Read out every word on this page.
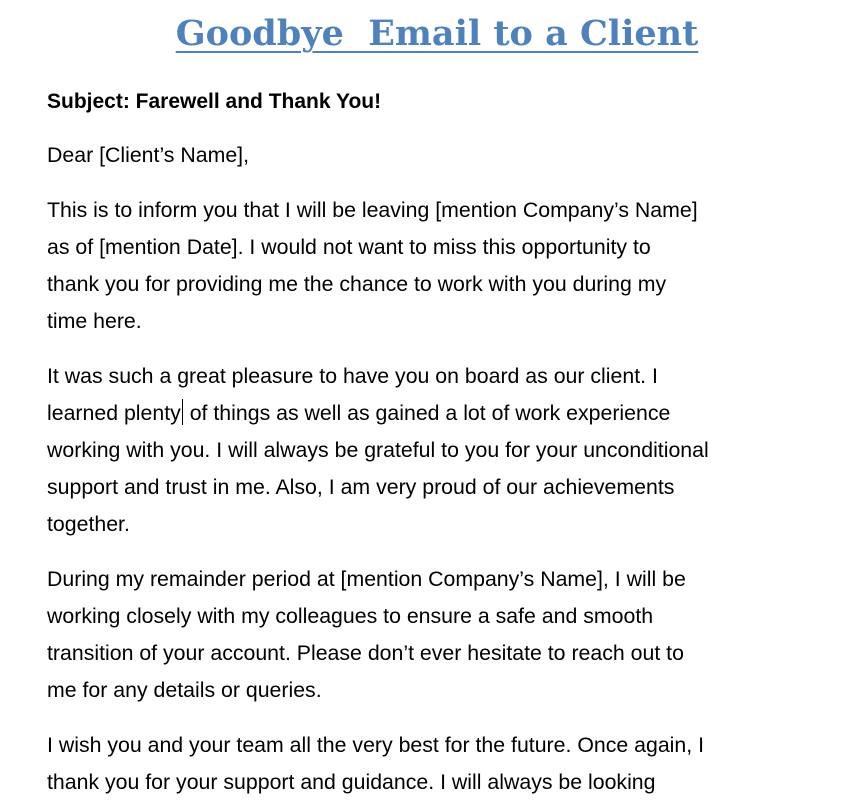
Goodbye  Email to a Client

Subject: Farewell and Thank You!

Dear [Client’s Name],

This is to inform you that I will be leaving [mention Company’s Name]
as of [mention Date]. I would not want to miss this opportunity to
thank you for providing me the chance to work with you during my
time here.

It was such a great pleasure to have you on board as our client. I
learned plenty of things as well as gained a lot of work experience
working with you. I will always be grateful to you for your unconditional
support and trust in me. Also, I am very proud of our achievements
together.

During my remainder period at [mention Company’s Name], I will be
working closely with my colleagues to ensure a safe and smooth
transition of your account. Please don’t ever hesitate to reach out to
me for any details or queries.

I wish you and your team all the very best for the future. Once again, I
thank you for your support and guidance. I will always be looking
